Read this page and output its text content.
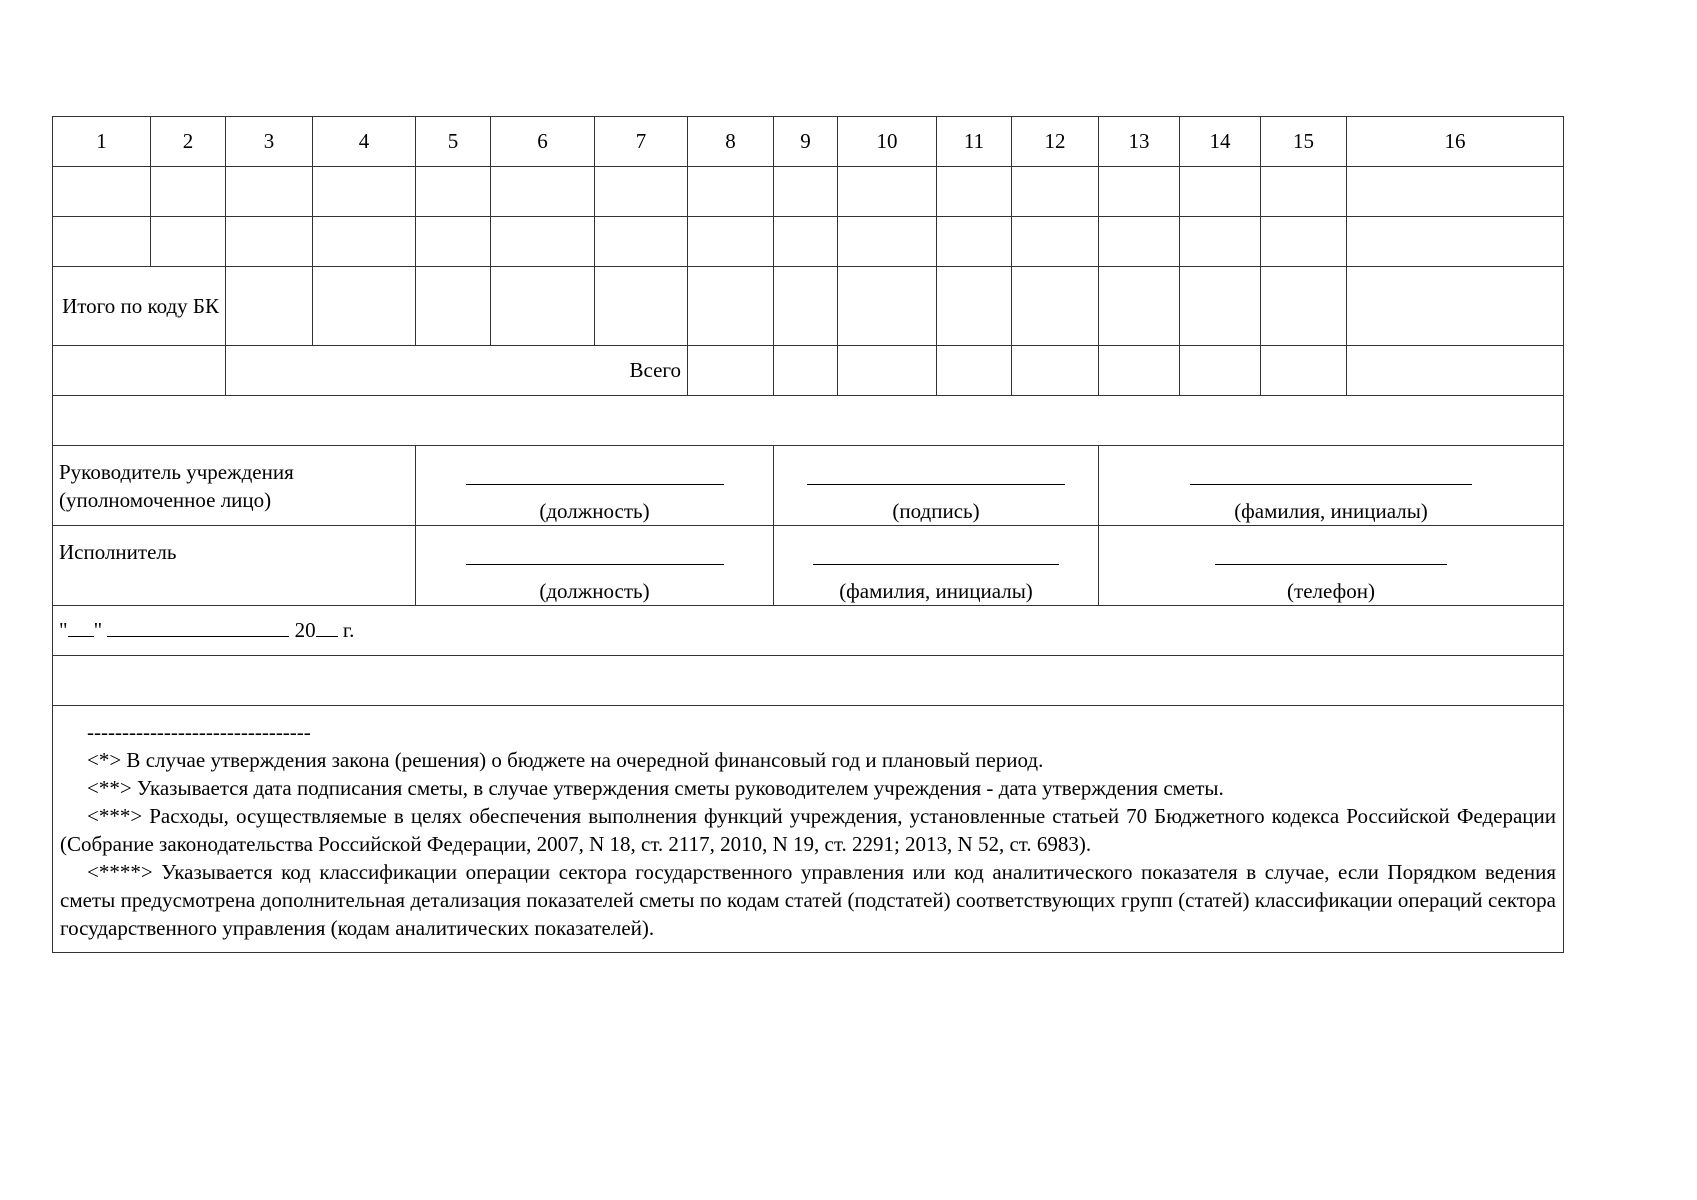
1	2	3	4	5	6	7	8	9	10	11	12	13	14	15	16

Итого по коду БК															
		Всего													

Руководитель учреждения (уполномоченное лицо)				(должность)				(подпись)				(фамилия, инициалы)			

Исполнитель				(должность)				(фамилия, инициалы)				(телефон)			

" " 20 г.															

--------------------------------

<*> В случае утверждения закона (решения) о бюджете на очередной финансовый год и плановый период.

<**> Указывается дата подписания сметы, в случае утверждения сметы руководителем учреждения - дата утверждения сметы.

<***> Расходы, осуществляемые в целях обеспечения выполнения функций учреждения, установленные статьей 70 Бюджетного кодекса Российской Федерации (Собрание законодательства Российской Федерации, 2007, N 18, ст. 2117, 2010, N 19, ст. 2291; 2013, N 52, ст. 6983).

<****> Указывается код классификации операции сектора государственного управления или код аналитического показателя в случае, если Порядком ведения сметы предусмотрена дополнительная детализация показателей сметы по кодам статей (подстатей) соответствующих групп (статей) классификации операций сектора государственного управления (кодам аналитических показателей).															
